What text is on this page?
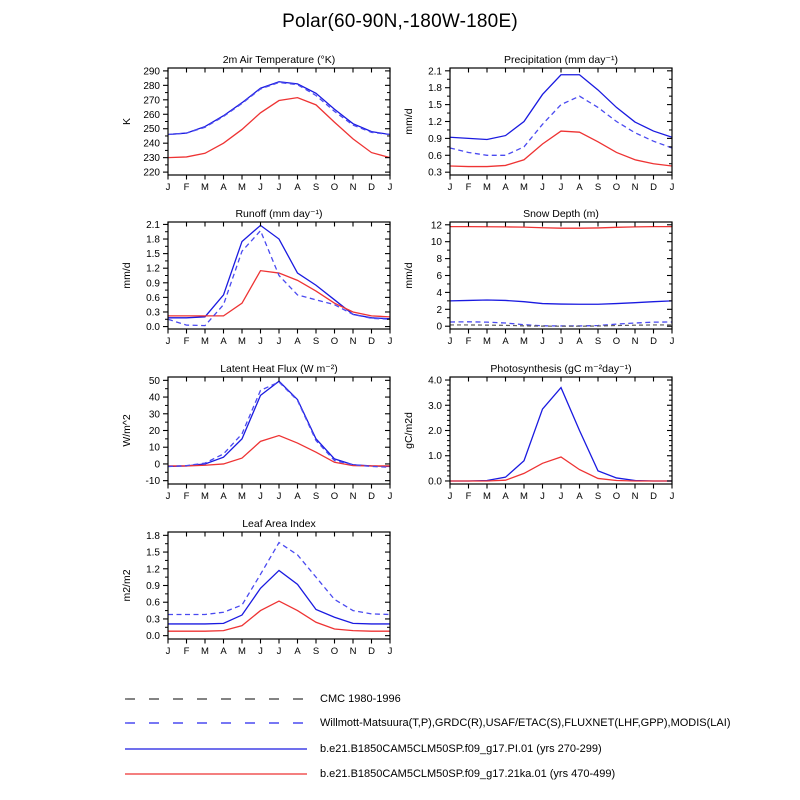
Polar(60-90N,-180W-180E)
2m Air Temperature (°K)
K
220
230
240
250
260
270
280
290
J F M A M J J A S O N D J
Precipitation (mm day⁻¹)
mm/d
0.3
0.6
0.9
1.2
1.5
1.8
2.1
J F M A M J J A S O N D J
Runoff (mm day⁻¹)
mm/d
0.0
0.3
0.6
0.9
1.2
1.5
1.8
2.1
J F M A M J J A S O N D J
Snow Depth (m)
mm/d
0
2
4
6
8
10
12
J F M A M J J A S O N D J
Latent Heat Flux (W m⁻²)
W/m^2
-10
0
10
20
30
40
50
J F M A M J J A S O N D J
Photosynthesis (gC m⁻²day⁻¹)
gC/m2d
0.0
1.0
2.0
3.0
4.0
J F M A M J J A S O N D J
Leaf Area Index
m2/m2
0.0
0.3
0.6
0.9
1.2
1.5
1.8
J F M A M J J A S O N D J
CMC 1980-1996
Willmott-Matsuura(T,P),GRDC(R),USAF/ETAC(S),FLUXNET(LHF,GPP),MODIS(LAI)
b.e21.B1850CAM5CLM50SP.f09_g17.PI.01 (yrs 270-299)
b.e21.B1850CAM5CLM50SP.f09_g17.21ka.01 (yrs 470-499)
